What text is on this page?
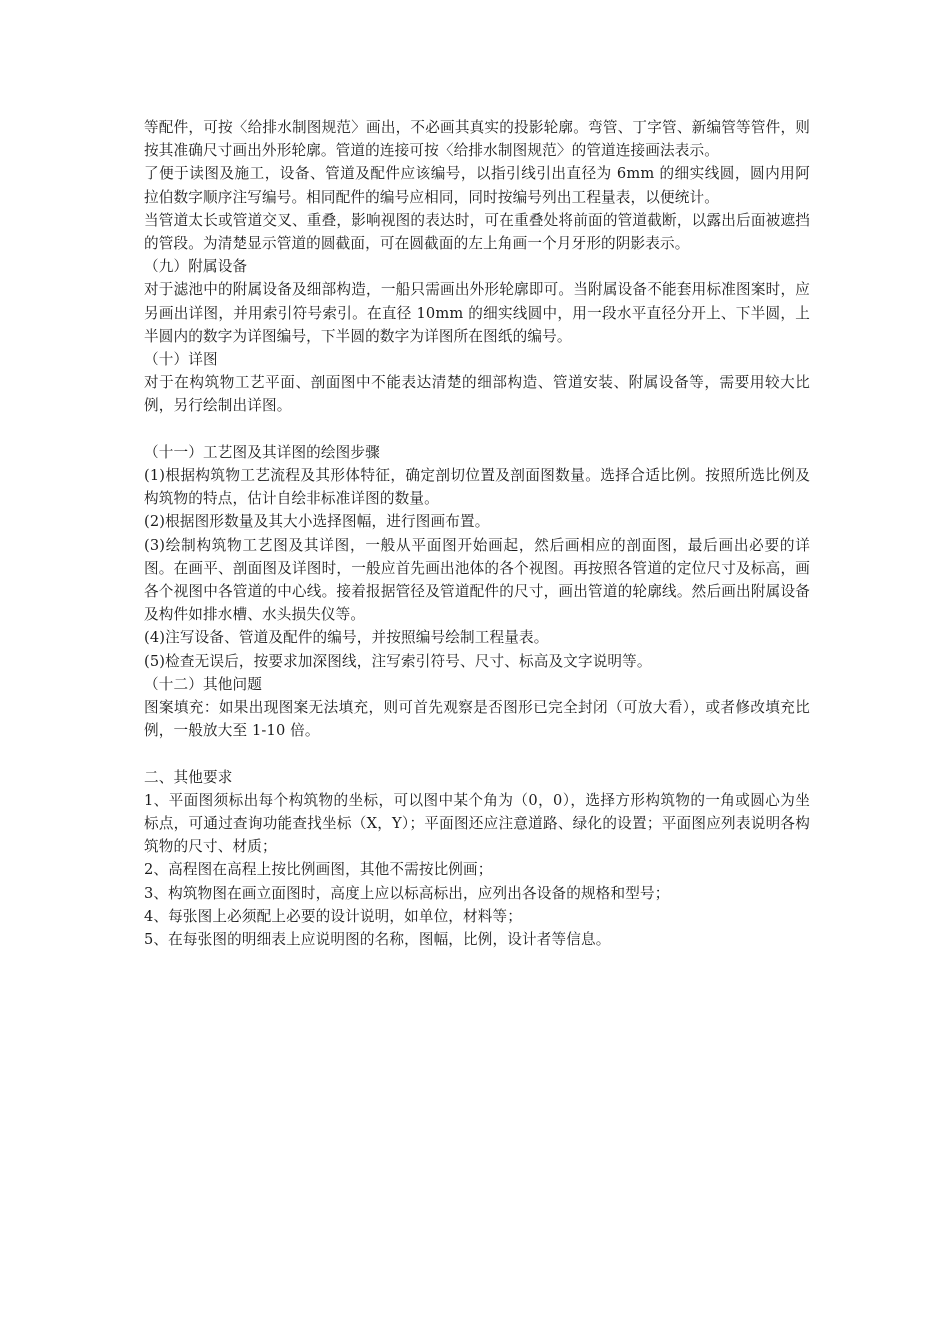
等配件，可按〈给排水制图规范〉画出，不必画其真实的投影轮廓。弯管、丁字管、新编管等管件，则按其准确尺寸画出外形轮廓。管道的连接可按〈给排水制图规范〉的管道连接画法表示。

了便于读图及施工，设备、管道及配件应该编号，以指引线引出直径为 6mm 的细实线圆，圆内用阿拉伯数字顺序注写编号。相同配件的编号应相同，同时按编号列出工程量表，以便统计。

当管道太长或管道交叉、重叠，影响视图的表达时，可在重叠处将前面的管道截断，以露出后面被遮挡的管段。为清楚显示管道的圆截面，可在圆截面的左上角画一个月牙形的阴影表示。

（九）附属设备

对于滤池中的附属设备及细部构造，一船只需画出外形轮廓即可。当附属设备不能套用标准图案时，应另画出详图，并用索引符号索引。在直径 10mm 的细实线圆中，用一段水平直径分开上、下半圆，上半圆内的数字为详图编号，下半圆的数字为详图所在图纸的编号。

（十）详图

对于在构筑物工艺平面、剖面图中不能表达清楚的细部构造、管道安装、附属设备等，需要用较大比例，另行绘制出详图。

（十一）工艺图及其详图的绘图步骤

(1)根据构筑物工艺流程及其形体特征，确定剖切位置及剖面图数量。选择合适比例。按照所选比例及构筑物的特点，估计自绘非标准详图的数量。

(2)根据图形数量及其大小选择图幅，进行图画布置。

(3)绘制构筑物工艺图及其详图，一般从平面图开始画起，然后画相应的剖面图，最后画出必要的详图。在画平、剖面图及详图时，一般应首先画出池体的各个视图。再按照各管道的定位尺寸及标高，画各个视图中各管道的中心线。接着报据管径及管道配件的尺寸，画出管道的轮廓线。然后画出附属设备及构件如排水槽、水头损失仪等。

(4)注写设备、管道及配件的编号，并按照编号绘制工程量表。

(5)检查无误后，按要求加深图线，注写索引符号、尺寸、标高及文字说明等。

（十二）其他问题

图案填充：如果出现图案无法填充，则可首先观察是否图形已完全封闭（可放大看），或者修改填充比例，一般放大至 1-10 倍。

二、其他要求

1、平面图须标出每个构筑物的坐标，可以图中某个角为（0，0），选择方形构筑物的一角或圆心为坐标点，可通过查询功能查找坐标（X，Y）；平面图还应注意道路、绿化的设置；平面图应列表说明各构筑物的尺寸、材质；

2、高程图在高程上按比例画图，其他不需按比例画；

3、构筑物图在画立面图时，高度上应以标高标出，应列出各设备的规格和型号；

4、每张图上必须配上必要的设计说明，如单位，材料等；

5、在每张图的明细表上应说明图的名称，图幅，比例，设计者等信息。
